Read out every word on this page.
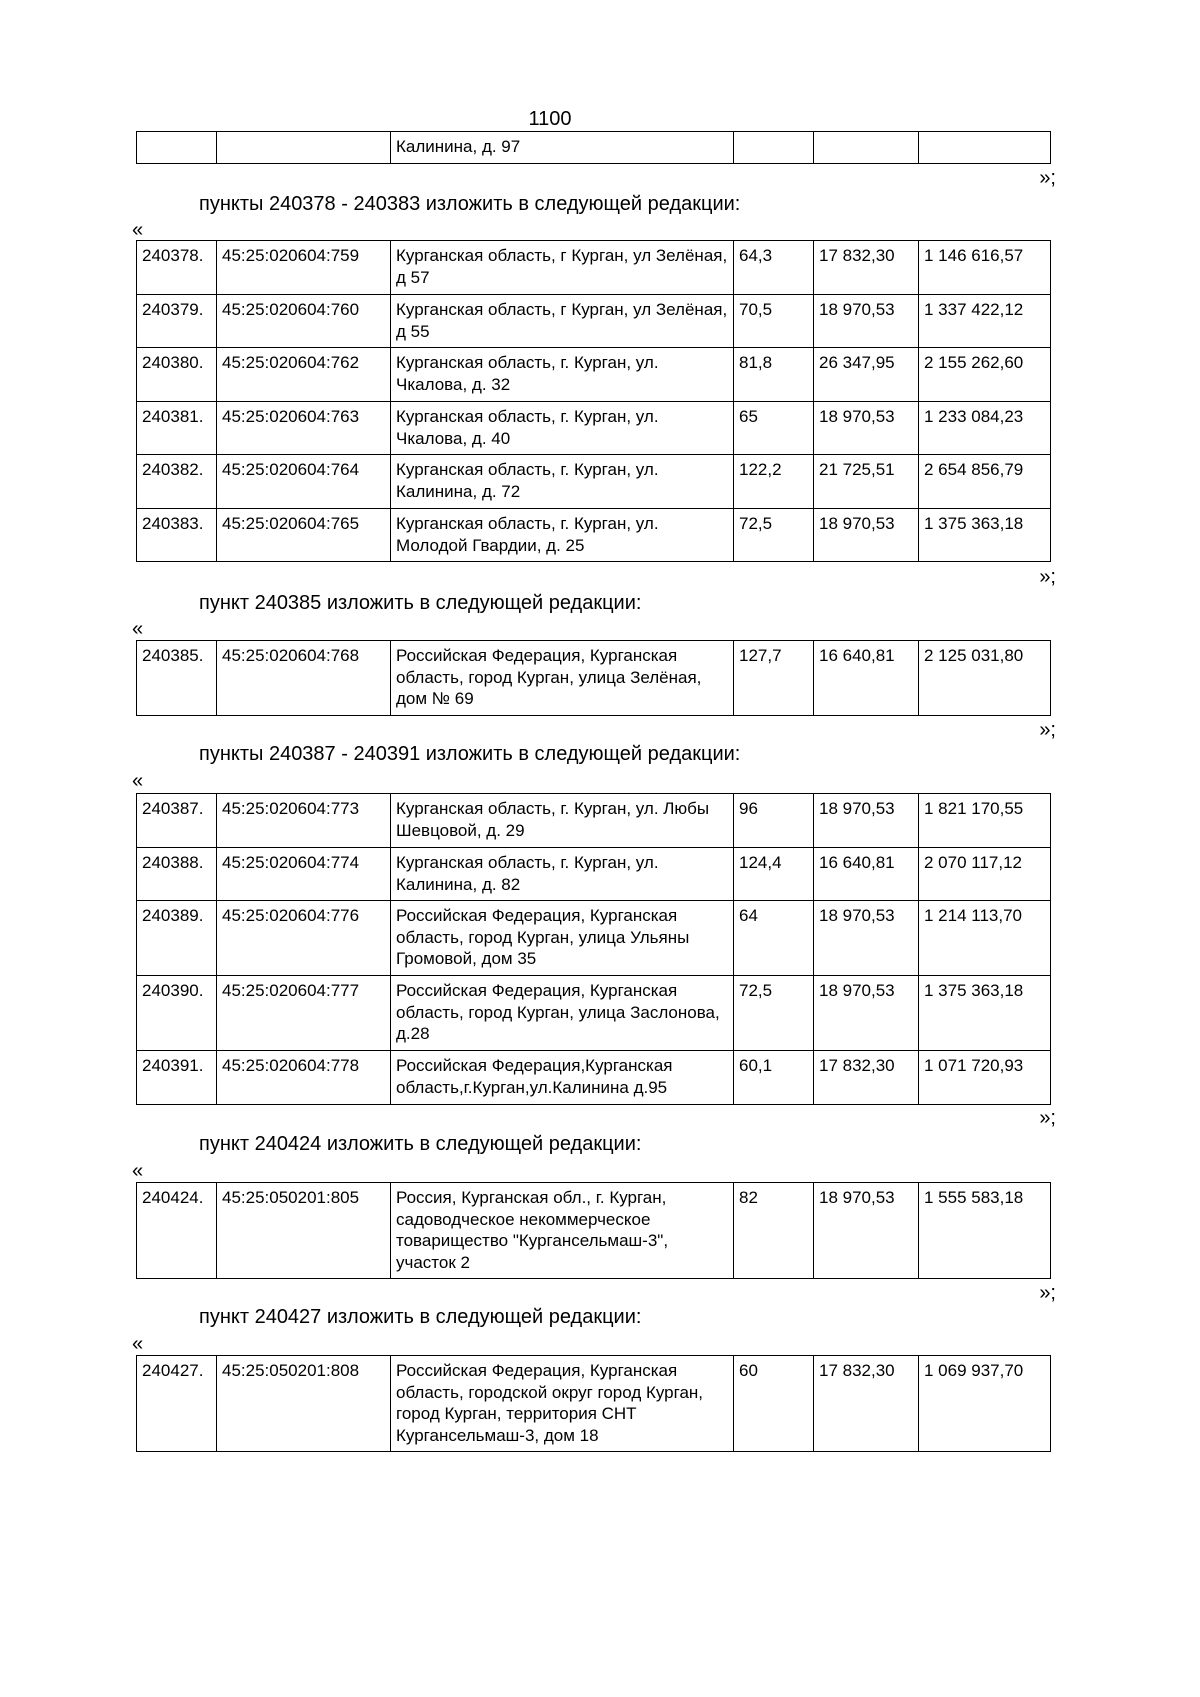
1100
		Калинина, д. 97			
»;
пункты 240378 - 240383 изложить в следующей редакции:
«
240378.	45:25:020604:759	Курганская область, г Курган, ул Зелёная, д 57	64,3	17 832,30	1 146 616,57
240379.	45:25:020604:760	Курганская область, г Курган, ул Зелёная, д 55	70,5	18 970,53	1 337 422,12
240380.	45:25:020604:762	Курганская область, г. Курган, ул. Чкалова, д. 32	81,8	26 347,95	2 155 262,60
240381.	45:25:020604:763	Курганская область, г. Курган, ул. Чкалова, д. 40	65	18 970,53	1 233 084,23
240382.	45:25:020604:764	Курганская область, г. Курган, ул. Калинина, д. 72	122,2	21 725,51	2 654 856,79
240383.	45:25:020604:765	Курганская область, г. Курган, ул. Молодой Гвардии, д. 25	72,5	18 970,53	1 375 363,18
»;
пункт 240385 изложить в следующей редакции:
«
240385.	45:25:020604:768	Российская Федерация, Курганская область, город Курган, улица Зелёная, дом № 69	127,7	16 640,81	2 125 031,80
»;
пункты 240387 - 240391 изложить в следующей редакции:
«
240387.	45:25:020604:773	Курганская область, г. Курган, ул. Любы Шевцовой, д. 29	96	18 970,53	1 821 170,55
240388.	45:25:020604:774	Курганская область, г. Курган, ул. Калинина, д. 82	124,4	16 640,81	2 070 117,12
240389.	45:25:020604:776	Российская Федерация, Курганская область, город Курган, улица Ульяны Громовой, дом 35	64	18 970,53	1 214 113,70
240390.	45:25:020604:777	Российская Федерация, Курганская область, город Курган, улица Заслонова, д.28	72,5	18 970,53	1 375 363,18
240391.	45:25:020604:778	Российская Федерация,Курганская область,г.Курган,ул.Калинина д.95	60,1	17 832,30	1 071 720,93
»;
пункт 240424 изложить в следующей редакции:
«
240424.	45:25:050201:805	Россия, Курганская обл., г. Курган, садоводческое некоммерческое товарищество "Кургансельмаш-3", участок 2	82	18 970,53	1 555 583,18
»;
пункт 240427 изложить в следующей редакции:
«
240427.	45:25:050201:808	Российская Федерация, Курганская область, городской округ город Курган, город Курган, территория СНТ Кургансельмаш-3, дом 18	60	17 832,30	1 069 937,70
